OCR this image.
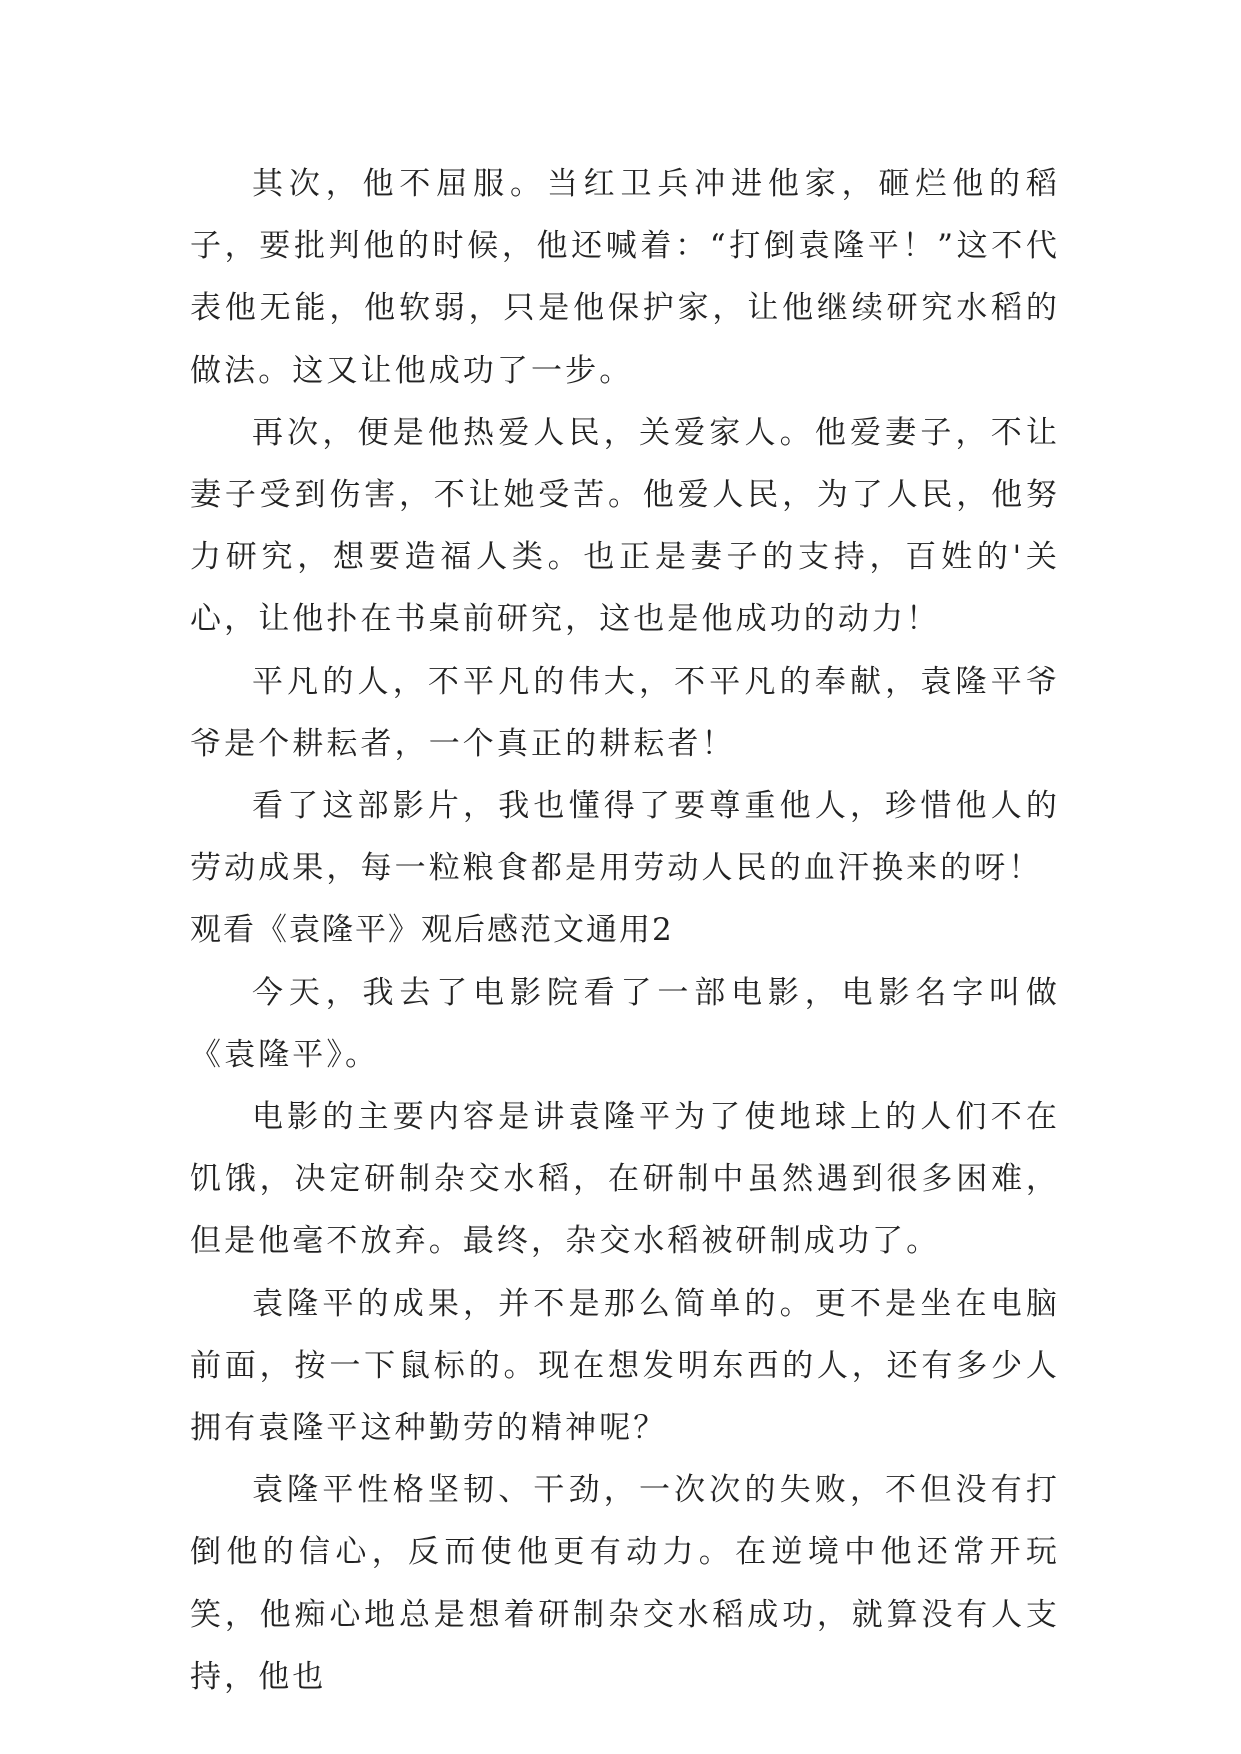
其次，他不屈服。当红卫兵冲进他家，砸烂他的稻子，要批判他的时候，他还喊着：“打倒袁隆平！”这不代表他无能，他软弱，只是他保护家，让他继续研究水稻的做法。这又让他成功了一步。

再次，便是他热爱人民，关爱家人。他爱妻子，不让妻子受到伤害，不让她受苦。他爱人民，为了人民，他努力研究，想要造福人类。也正是妻子的支持，百姓的'关心，让他扑在书桌前研究，这也是他成功的动力！

平凡的人，不平凡的伟大，不平凡的奉献，袁隆平爷爷是个耕耘者，一个真正的耕耘者！

看了这部影片，我也懂得了要尊重他人，珍惜他人的劳动成果，每一粒粮食都是用劳动人民的血汗换来的呀！

观看《袁隆平》观后感范文通用2

今天，我去了电影院看了一部电影，电影名字叫做《袁隆平》。

电影的主要内容是讲袁隆平为了使地球上的人们不在饥饿，决定研制杂交水稻，在研制中虽然遇到很多困难，但是他毫不放弃。最终，杂交水稻被研制成功了。

袁隆平的成果，并不是那么简单的。更不是坐在电脑前面，按一下鼠标的。现在想发明东西的人，还有多少人拥有袁隆平这种勤劳的精神呢？

袁隆平性格坚韧、干劲，一次次的失败，不但没有打倒他的信心，反而使他更有动力。在逆境中他还常开玩笑，他痴心地总是想着研制杂交水稻成功，就算没有人支持，他也
